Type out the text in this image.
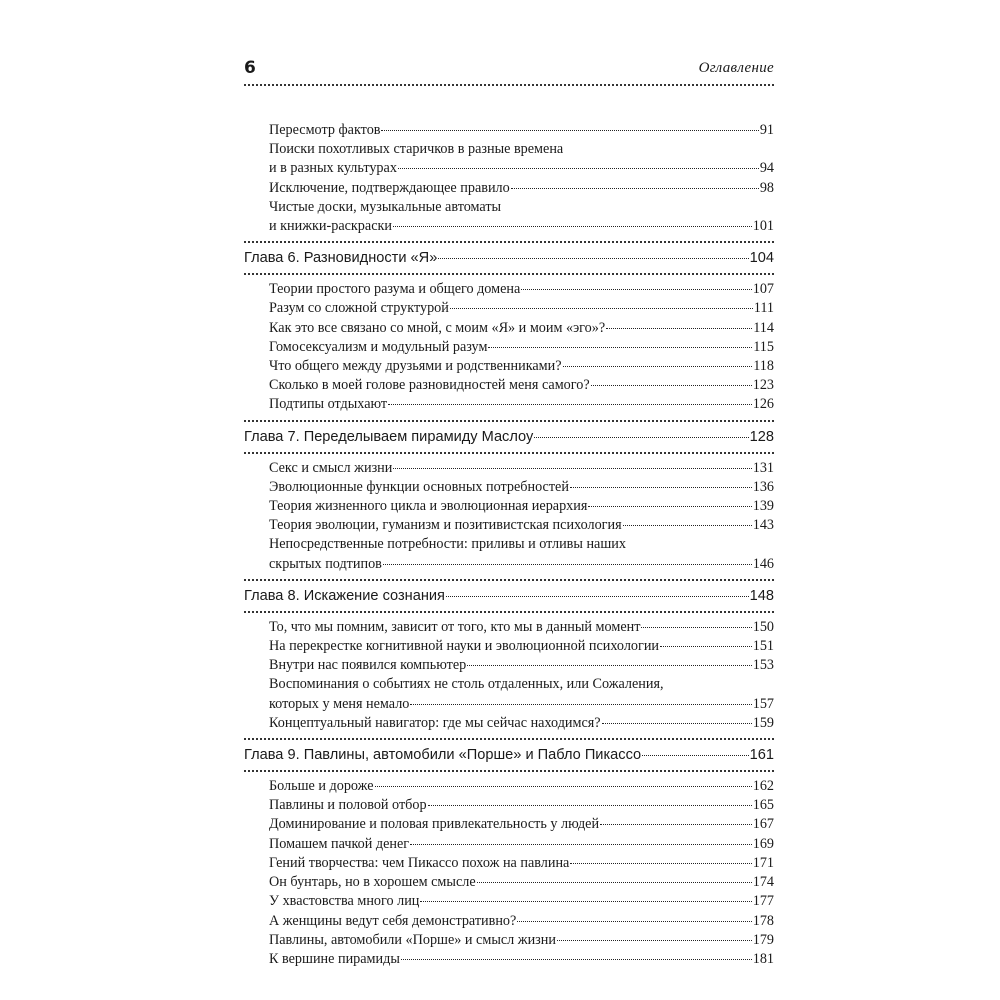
6	Оглавление
Пересмотр фактов	91
Поиски похотливых старичков в разные времена
и в разных культурах	94
Исключение, подтверждающее правило	98
Чистые доски, музыкальные автоматы
и книжки-раскраски	101
Глава 6. Разновидности «Я»	104
Теории простого разума и общего домена	107
Разум со сложной структурой	111
Как это все связано со мной, с моим «Я» и моим «эго»?	114
Гомосексуализм и модульный разум	115
Что общего между друзьями и родственниками?	118
Сколько в моей голове разновидностей меня самого?	123
Подтипы отдыхают	126
Глава 7. Переделываем пирамиду Маслоу	128
Секс и смысл жизни	131
Эволюционные функции основных потребностей	136
Теория жизненного цикла и эволюционная иерархия	139
Теория эволюции, гуманизм и позитивистская психология	143
Непосредственные потребности: приливы и отливы наших
скрытых подтипов	146
Глава 8. Искажение сознания	148
То, что мы помним, зависит от того, кто мы в данный момент	150
На перекрестке когнитивной науки и эволюционной психологии	151
Внутри нас появился компьютер	153
Воспоминания о событиях не столь отдаленных, или Сожаления,
которых у меня немало	157
Концептуальный навигатор: где мы сейчас находимся?	159
Глава 9. Павлины, автомобили «Порше» и Пабло Пикассо	161
Больше и дороже	162
Павлины и половой отбор	165
Доминирование и половая привлекательность у людей	167
Помашем пачкой денег	169
Гений творчества: чем Пикассо похож на павлина	171
Он бунтарь, но в хорошем смысле	174
У хвастовства много лиц	177
А женщины ведут себя демонстративно?	178
Павлины, автомобили «Порше» и смысл жизни	179
К вершине пирамиды	181
